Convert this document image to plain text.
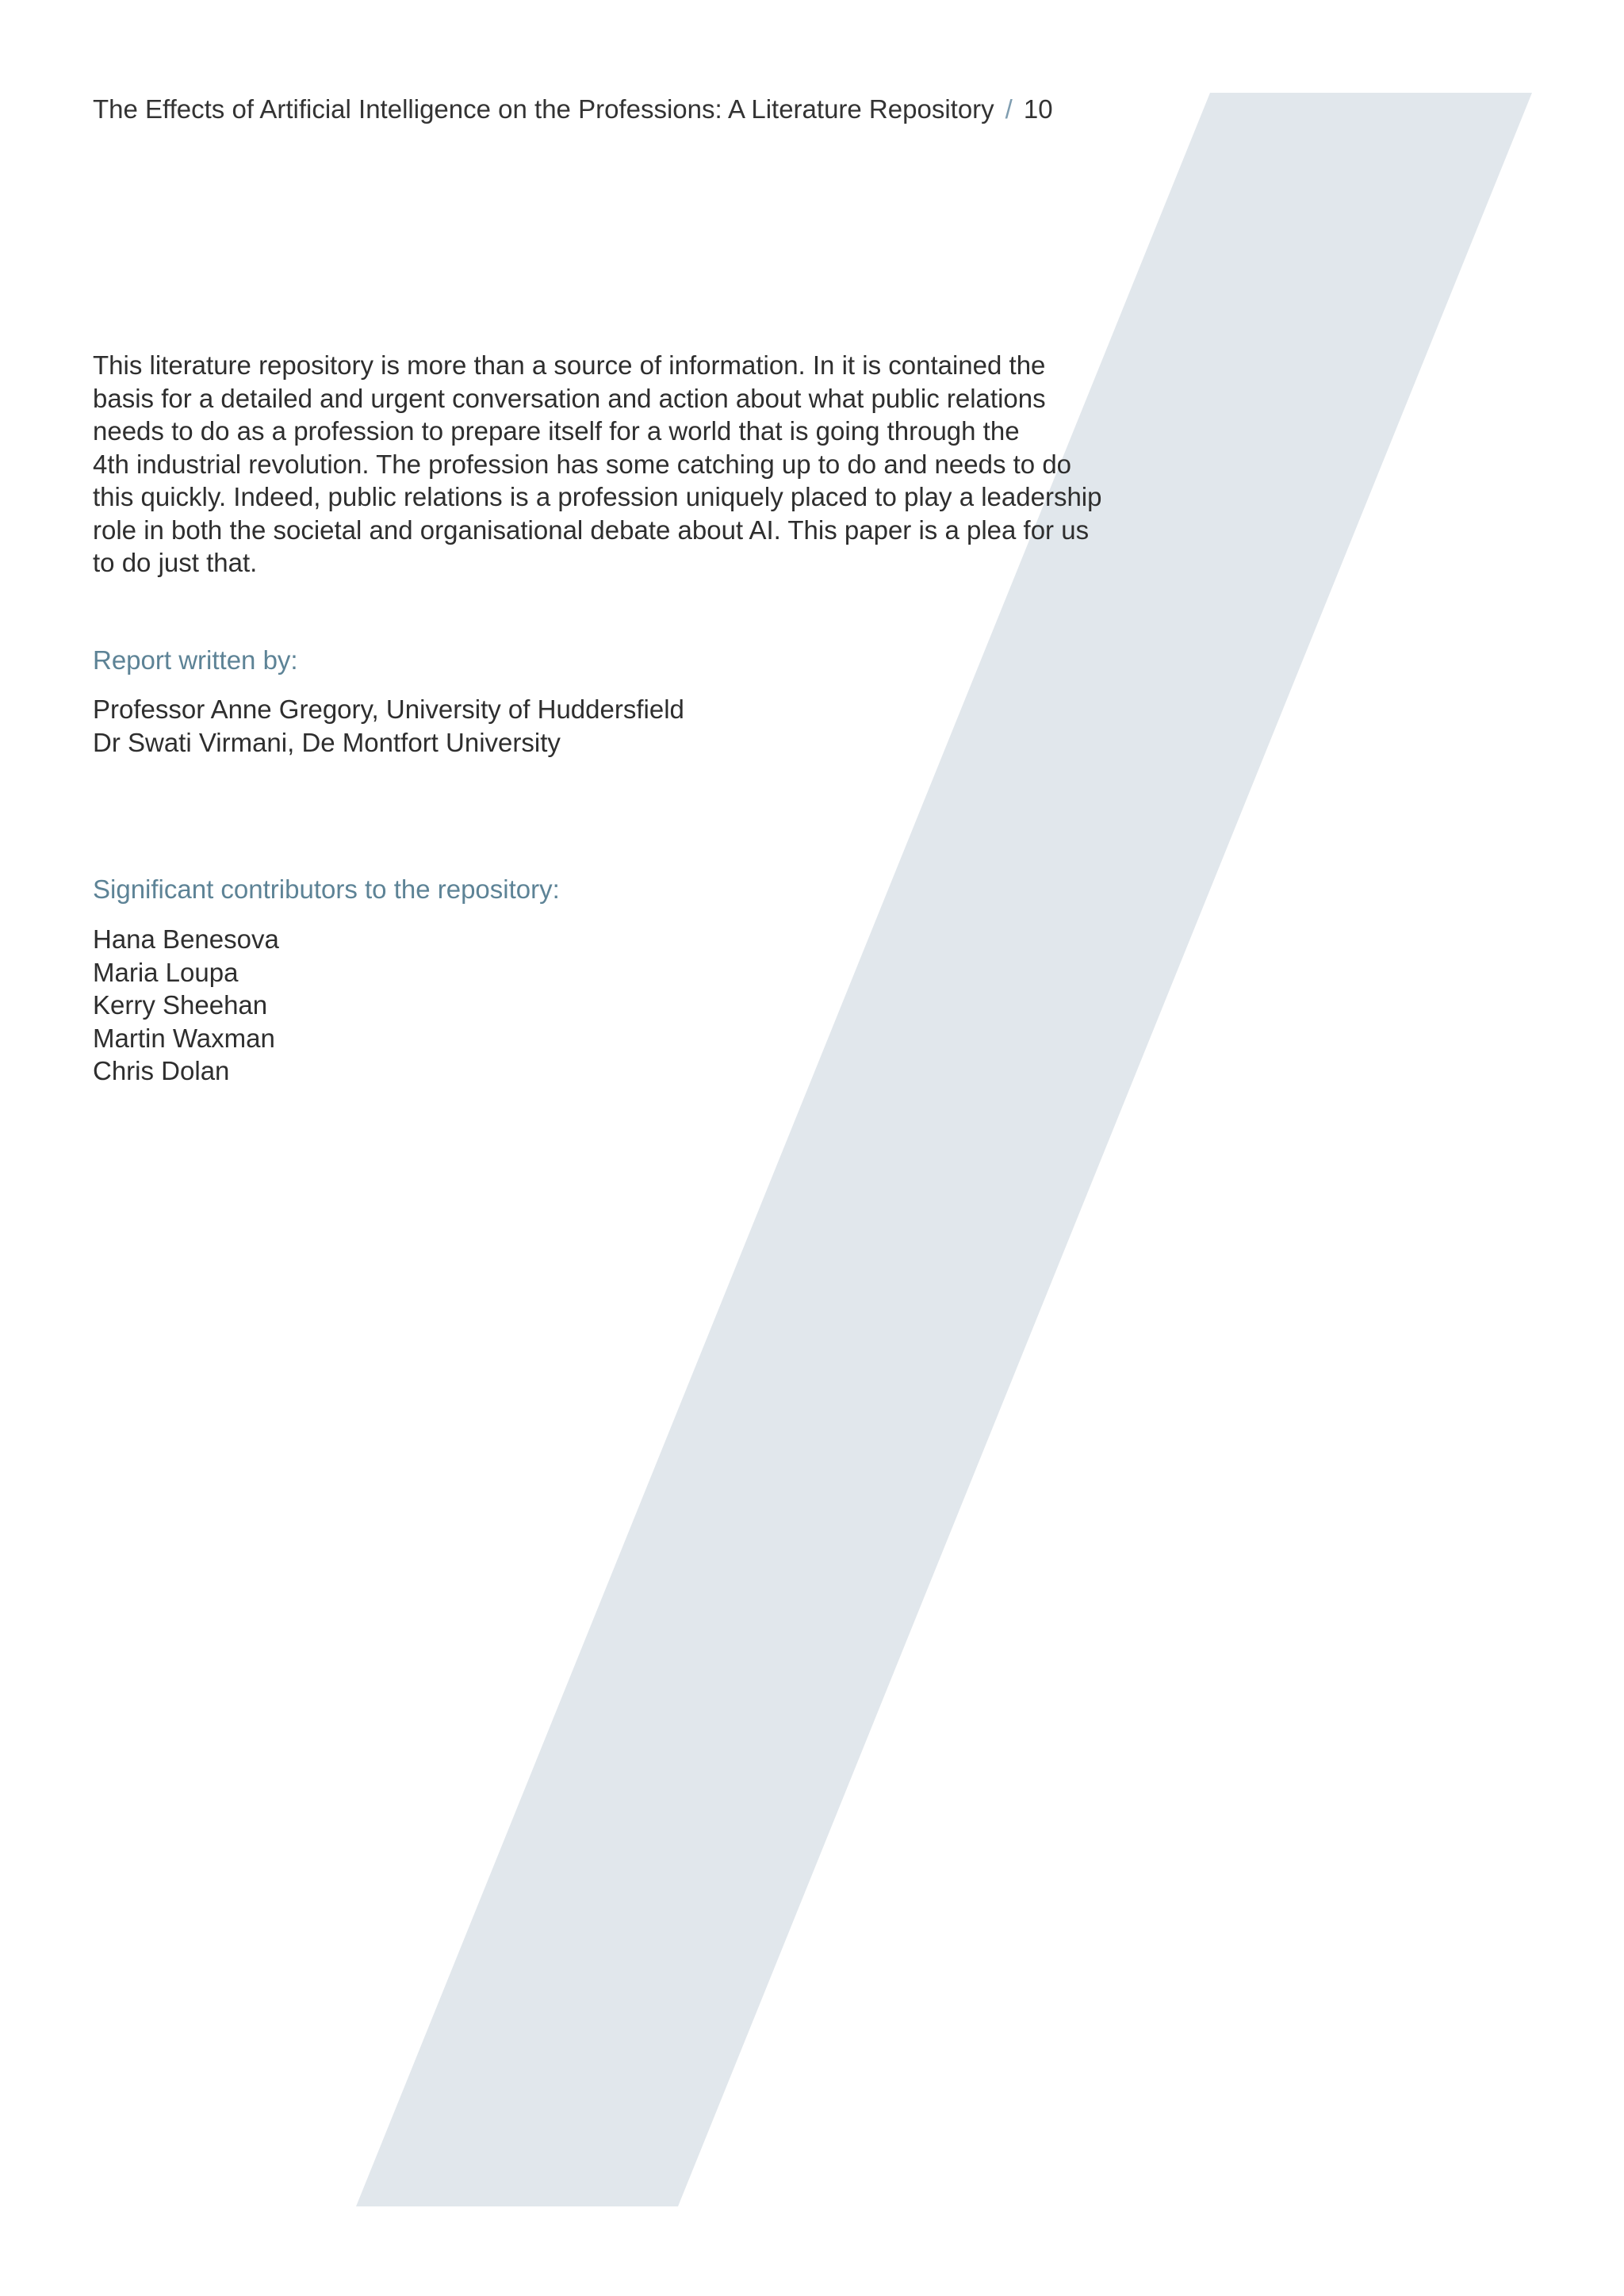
The Effects of Artificial Intelligence on the Professions: A Literature Repository / 10

This literature repository is more than a source of information. In it is contained the
basis for a detailed and urgent conversation and action about what public relations
needs to do as a profession to prepare itself for a world that is going through the
4th industrial revolution. The profession has some catching up to do and needs to do
this quickly. Indeed, public relations is a profession uniquely placed to play a leadership
role in both the societal and organisational debate about AI. This paper is a plea for us
to do just that.

Report written by:
Professor Anne Gregory, University of Huddersfield
Dr Swati Virmani, De Montfort University
Significant contributors to the repository:
Hana Benesova
Maria Loupa
Kerry Sheehan
Martin Waxman
Chris Dolan
